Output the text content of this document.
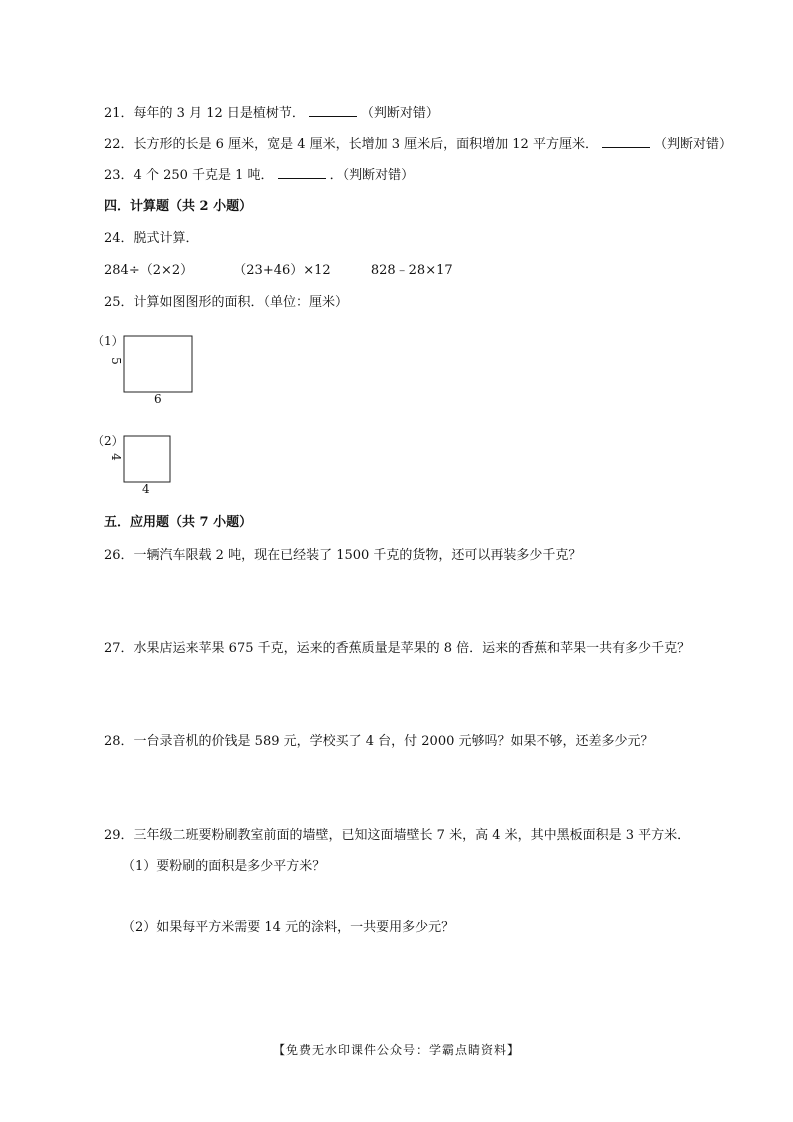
21．每年的 3 月 12 日是植树节．	（判断对错）
22．长方形的长是 6 厘米，宽是 4 厘米，长增加 3 厘米后，面积增加 12 平方厘米．	（判断对错）
23．4 个 250 千克是 1 吨．	．（判断对错）
四．计算题（共 2 小题）
24．脱式计算．
284÷（2×2）	（23+46）×12	828﹣28×17
25．计算如图图形的面积．（单位：厘米）
（1）
5
6
（2）
4
4
五．应用题（共 7 小题）
26．一辆汽车限载 2 吨，现在已经装了 1500 千克的货物，还可以再装多少千克？
27．水果店运来苹果 675 千克，运来的香蕉质量是苹果的 8 倍．运来的香蕉和苹果一共有多少千克？
28．一台录音机的价钱是 589 元，学校买了 4 台，付 2000 元够吗？如果不够，还差多少元？
29．三年级二班要粉刷教室前面的墙壁，已知这面墙壁长 7 米，高 4 米，其中黑板面积是 3 平方米．
（1）要粉刷的面积是多少平方米？
（2）如果每平方米需要 14 元的涂料，一共要用多少元？
【免费无水印课件公众号：学霸点睛资料】
